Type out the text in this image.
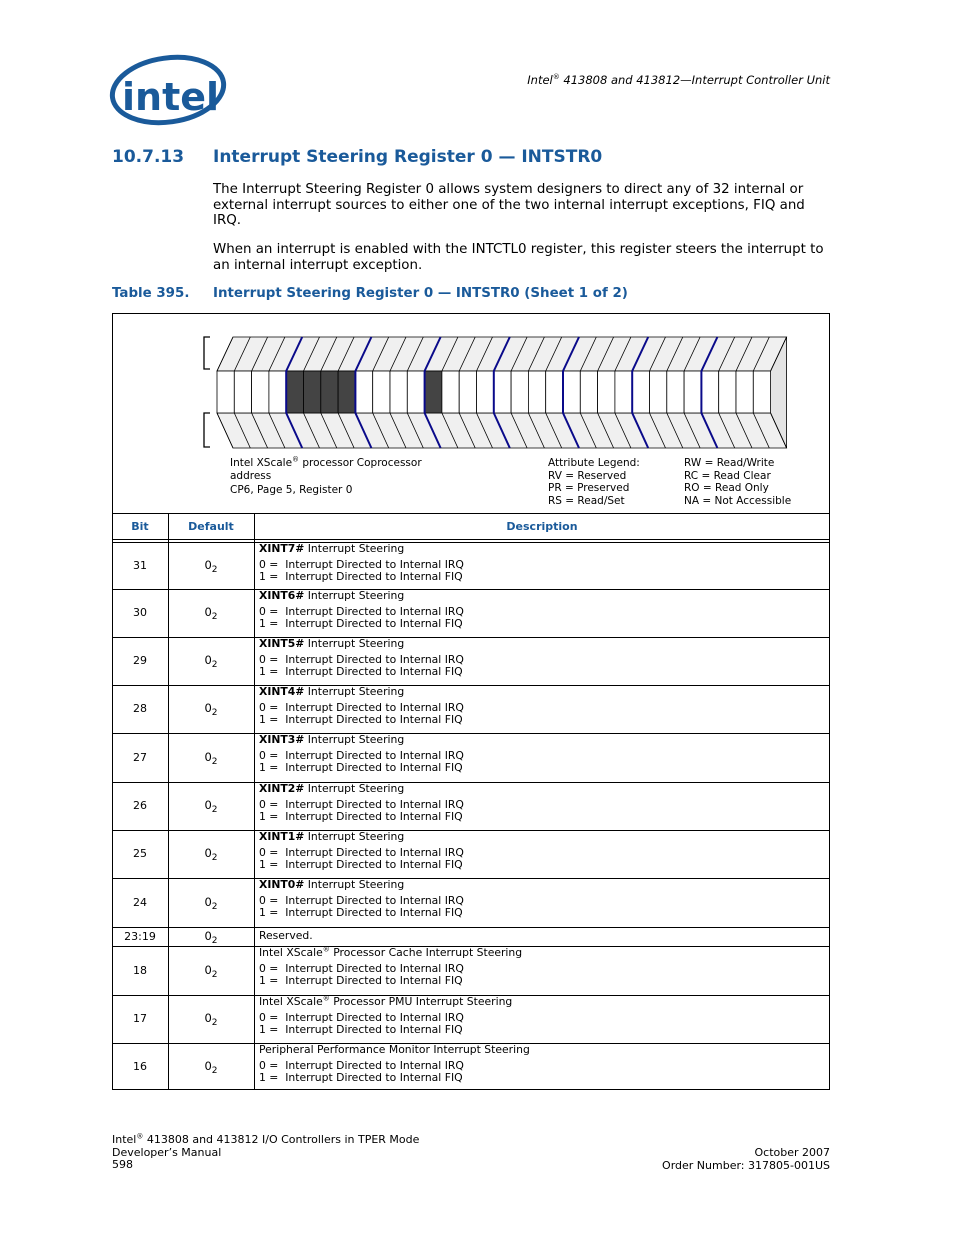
intel	Intel® 413808 and 413812—Interrupt Controller Unit
10.7.13 Interrupt Steering Register 0 — INTSTR0
The Interrupt Steering Register 0 allows system designers to direct any of 32 internal or external interrupt sources to either one of the two internal interrupt exceptions, FIQ and IRQ.
When an interrupt is enabled with the INTCTL0 register, this register steers the interrupt to an internal interrupt exception.
Table 395. Interrupt Steering Register 0 — INTSTR0 (Sheet 1 of 2)
Intel XScale® processor Coprocessor
address
CP6, Page 5, Register 0
Attribute Legend:
RV = Reserved
PR = Preserved
RS = Read/Set
RW = Read/Write
RC = Read Clear
RO = Read Only
NA = Not Accessible
Bit	Default	Description
31	$0_2$
XINT7# Interrupt Steering
0 =  Interrupt Directed to Internal IRQ
1 =  Interrupt Directed to Internal FIQ
30	$0_2$
XINT6# Interrupt Steering
0 =  Interrupt Directed to Internal IRQ
1 =  Interrupt Directed to Internal FIQ
29	$0_2$
XINT5# Interrupt Steering
0 =  Interrupt Directed to Internal IRQ
1 =  Interrupt Directed to Internal FIQ
28	$0_2$
XINT4# Interrupt Steering
0 =  Interrupt Directed to Internal IRQ
1 =  Interrupt Directed to Internal FIQ
27	$0_2$
XINT3# Interrupt Steering
0 =  Interrupt Directed to Internal IRQ
1 =  Interrupt Directed to Internal FIQ
26	$0_2$
XINT2# Interrupt Steering
0 =  Interrupt Directed to Internal IRQ
1 =  Interrupt Directed to Internal FIQ
25	$0_2$
XINT1# Interrupt Steering
0 =  Interrupt Directed to Internal IRQ
1 =  Interrupt Directed to Internal FIQ
24	$0_2$
XINT0# Interrupt Steering
0 =  Interrupt Directed to Internal IRQ
1 =  Interrupt Directed to Internal FIQ
23:19	$0_2$	Reserved.
18	$0_2$
Intel XScale® Processor Cache Interrupt Steering
0 =  Interrupt Directed to Internal IRQ
1 =  Interrupt Directed to Internal FIQ
17	$0_2$
Intel XScale® Processor PMU Interrupt Steering
0 =  Interrupt Directed to Internal IRQ
1 =  Interrupt Directed to Internal FIQ
16	$0_2$
Peripheral Performance Monitor Interrupt Steering
0 =  Interrupt Directed to Internal IRQ
1 =  Interrupt Directed to Internal FIQ
Intel® 413808 and 413812 I/O Controllers in TPER Mode
Developer’s Manual
598
October 2007
Order Number: 317805-001US
